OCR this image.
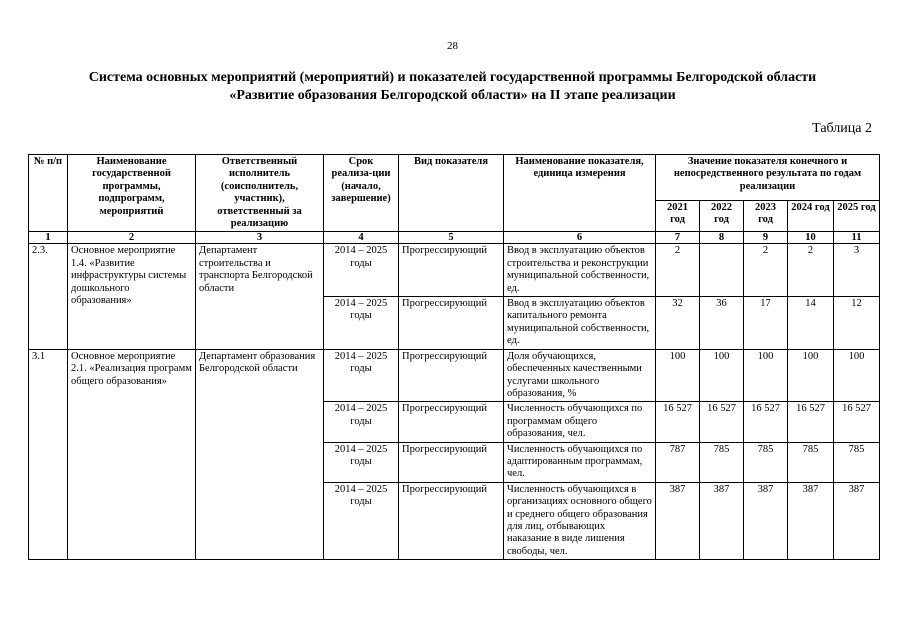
28
Система основных мероприятий (мероприятий) и показателей государственной программы Белгородской области
«Развитие образования Белгородской области» на II этапе реализации
Таблица 2
№ п/п	Наименование государственной программы, подпрограмм, мероприятий	Ответственный исполнитель (соисполнитель, участник), ответственный за реализацию	Срок реализа-ции (начало, завершение)	Вид показателя	Наименование показателя, единица измерения	Значение показателя конечного и непосредственного результата по годам реализации				
						2021 год	2022 год	2023 год	2024 год	2025 год
1	2	3	4	5	6	7	8	9	10	11
2.3.	Основное мероприятие 1.4. «Развитие инфраструктуры системы дошкольного образования»	Департамент строительства и транспорта Белгородской области	2014 – 2025 годы	Прогрессирующий	Ввод в эксплуатацию объектов строительства и реконструкции муниципальной собственности, ед.	2		2	2	3
			2014 – 2025 годы	Прогрессирующий	Ввод в эксплуатацию объектов капитального ремонта муниципальной собственности, ед.	32	36	17	14	12
3.1	Основное мероприятие 2.1. «Реализация программ общего образования»	Департамент образования Белгородской области	2014 – 2025 годы	Прогрессирующий	Доля обучающихся, обеспеченных качественными услугами школьного образования, %	100	100	100	100	100
			2014 – 2025 годы	Прогрессирующий	Численность обучающихся по программам общего образования, чел.	16 527	16 527	16 527	16 527	16 527
			2014 – 2025 годы	Прогрессирующий	Численность обучающихся по адаптированным программам, чел.	787	785	785	785	785
			2014 – 2025 годы	Прогрессирующий	Численность обучающихся в организациях основного общего и среднего общего образования для лиц, отбывающих наказание в виде лишения свободы, чел.	387	387	387	387	387
